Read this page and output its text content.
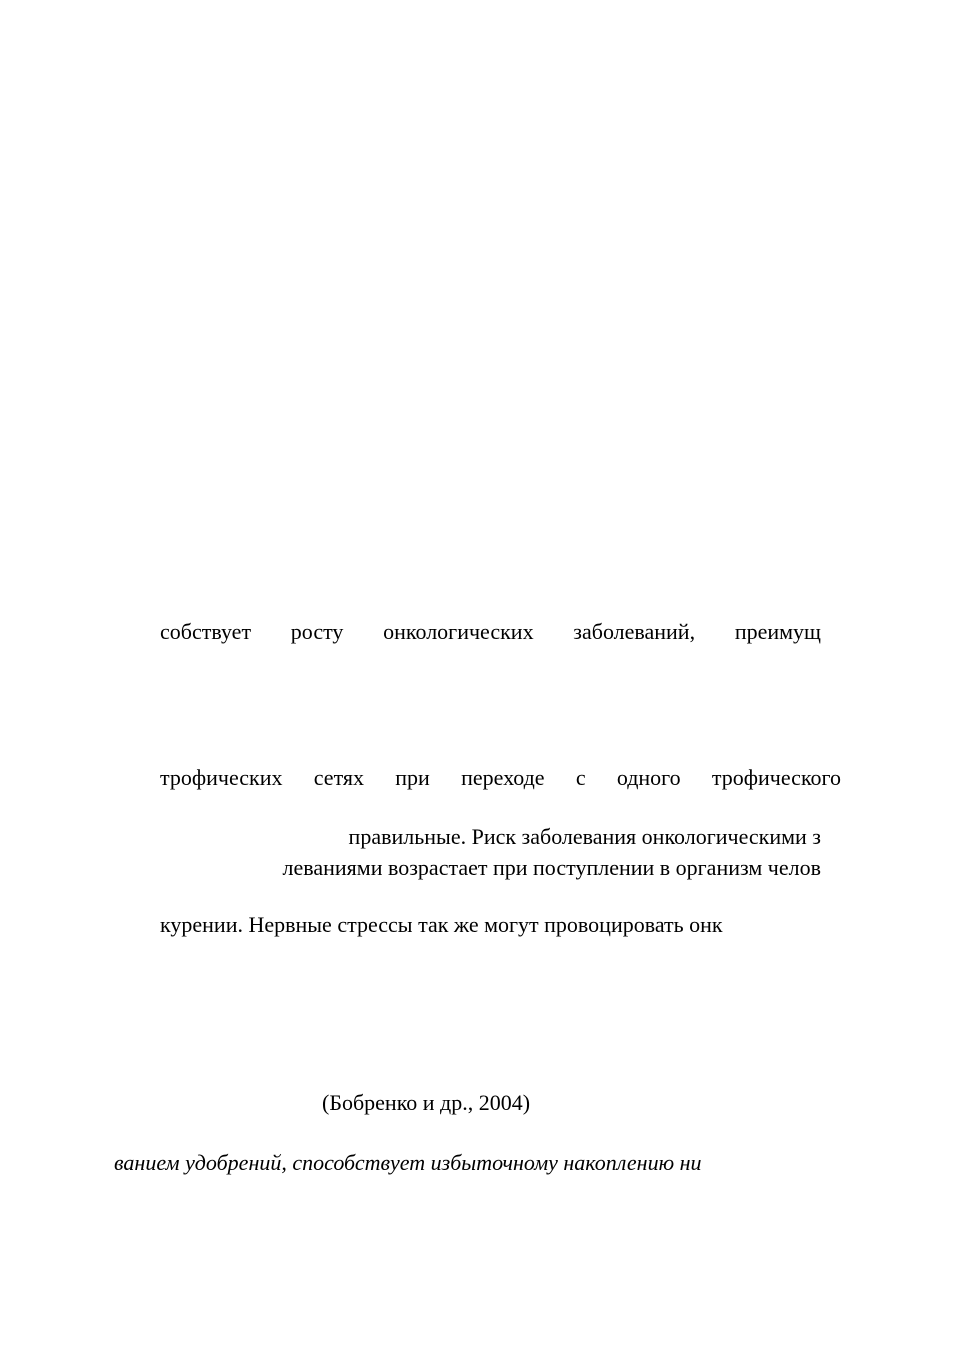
собствует росту онкологических заболеваний, преимущ
трофических сетях при переходе с одного трофического
правильные. Риск заболевания онкологическими з
леваниями возрастает при поступлении в организм челов
курении. Нервные стрессы так же могут провоцировать онк
(Бобренко и др., 2004)
ванием удобрений, способствует избыточному накоплению ни
